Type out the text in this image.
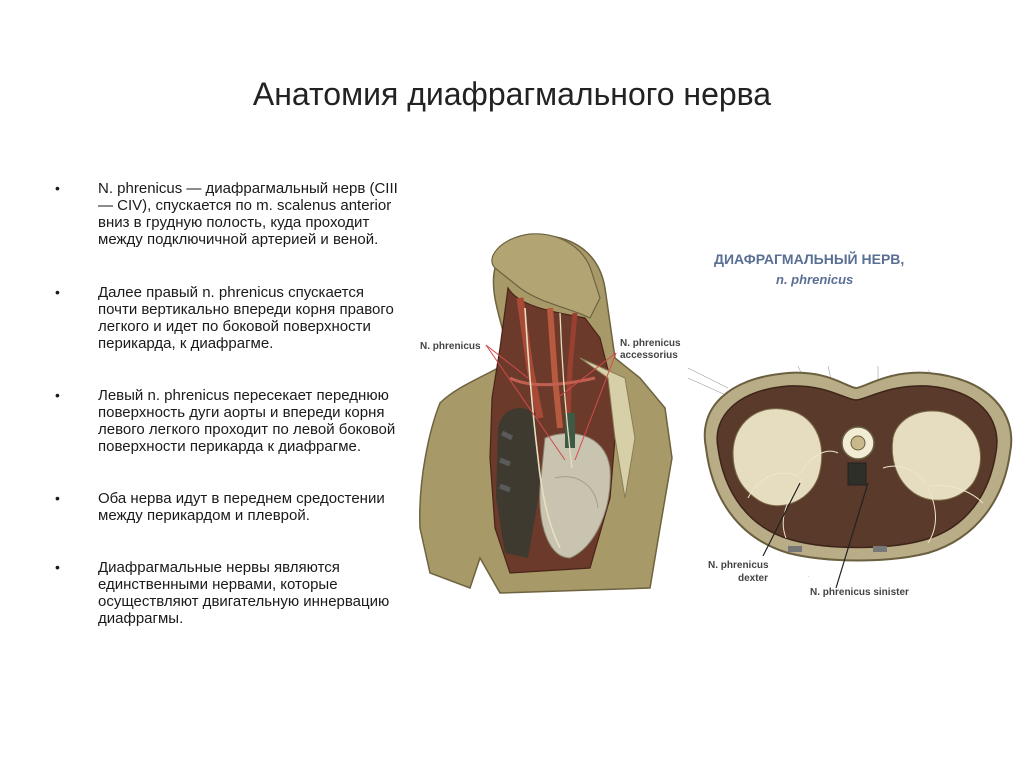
Анатомия диафрагмального нерва
•	N. phrenicus — диафрагмальный нерв (CIII — CIV), спускается по m. scalenus anterior вниз в грудную полость, куда проходит между подключичной артерией и веной.
•	Далее правый n. phrenicus спускается почти вертикально впереди корня правого легкого и идет по боковой поверхности перикарда, к диафрагме.
•	Левый n. phrenicus пересекает переднюю поверхность дуги аорты и впереди корня левого легкого проходит по левой боковой поверхности перикарда к диафрагме.
•	Оба нерва идут в переднем средостении между перикардом и плеврой.
•	Диафрагмальные нервы являются единственными нервами, которые осуществляют двигательную иннервацию диафрагмы.
N. phrenicus	N. phrenicus
accessorius
ДИАФРАГМАЛЬНЫЙ НЕРВ,
n. phrenicus
·
N. phrenicus
dexter
N. phrenicus sinister
